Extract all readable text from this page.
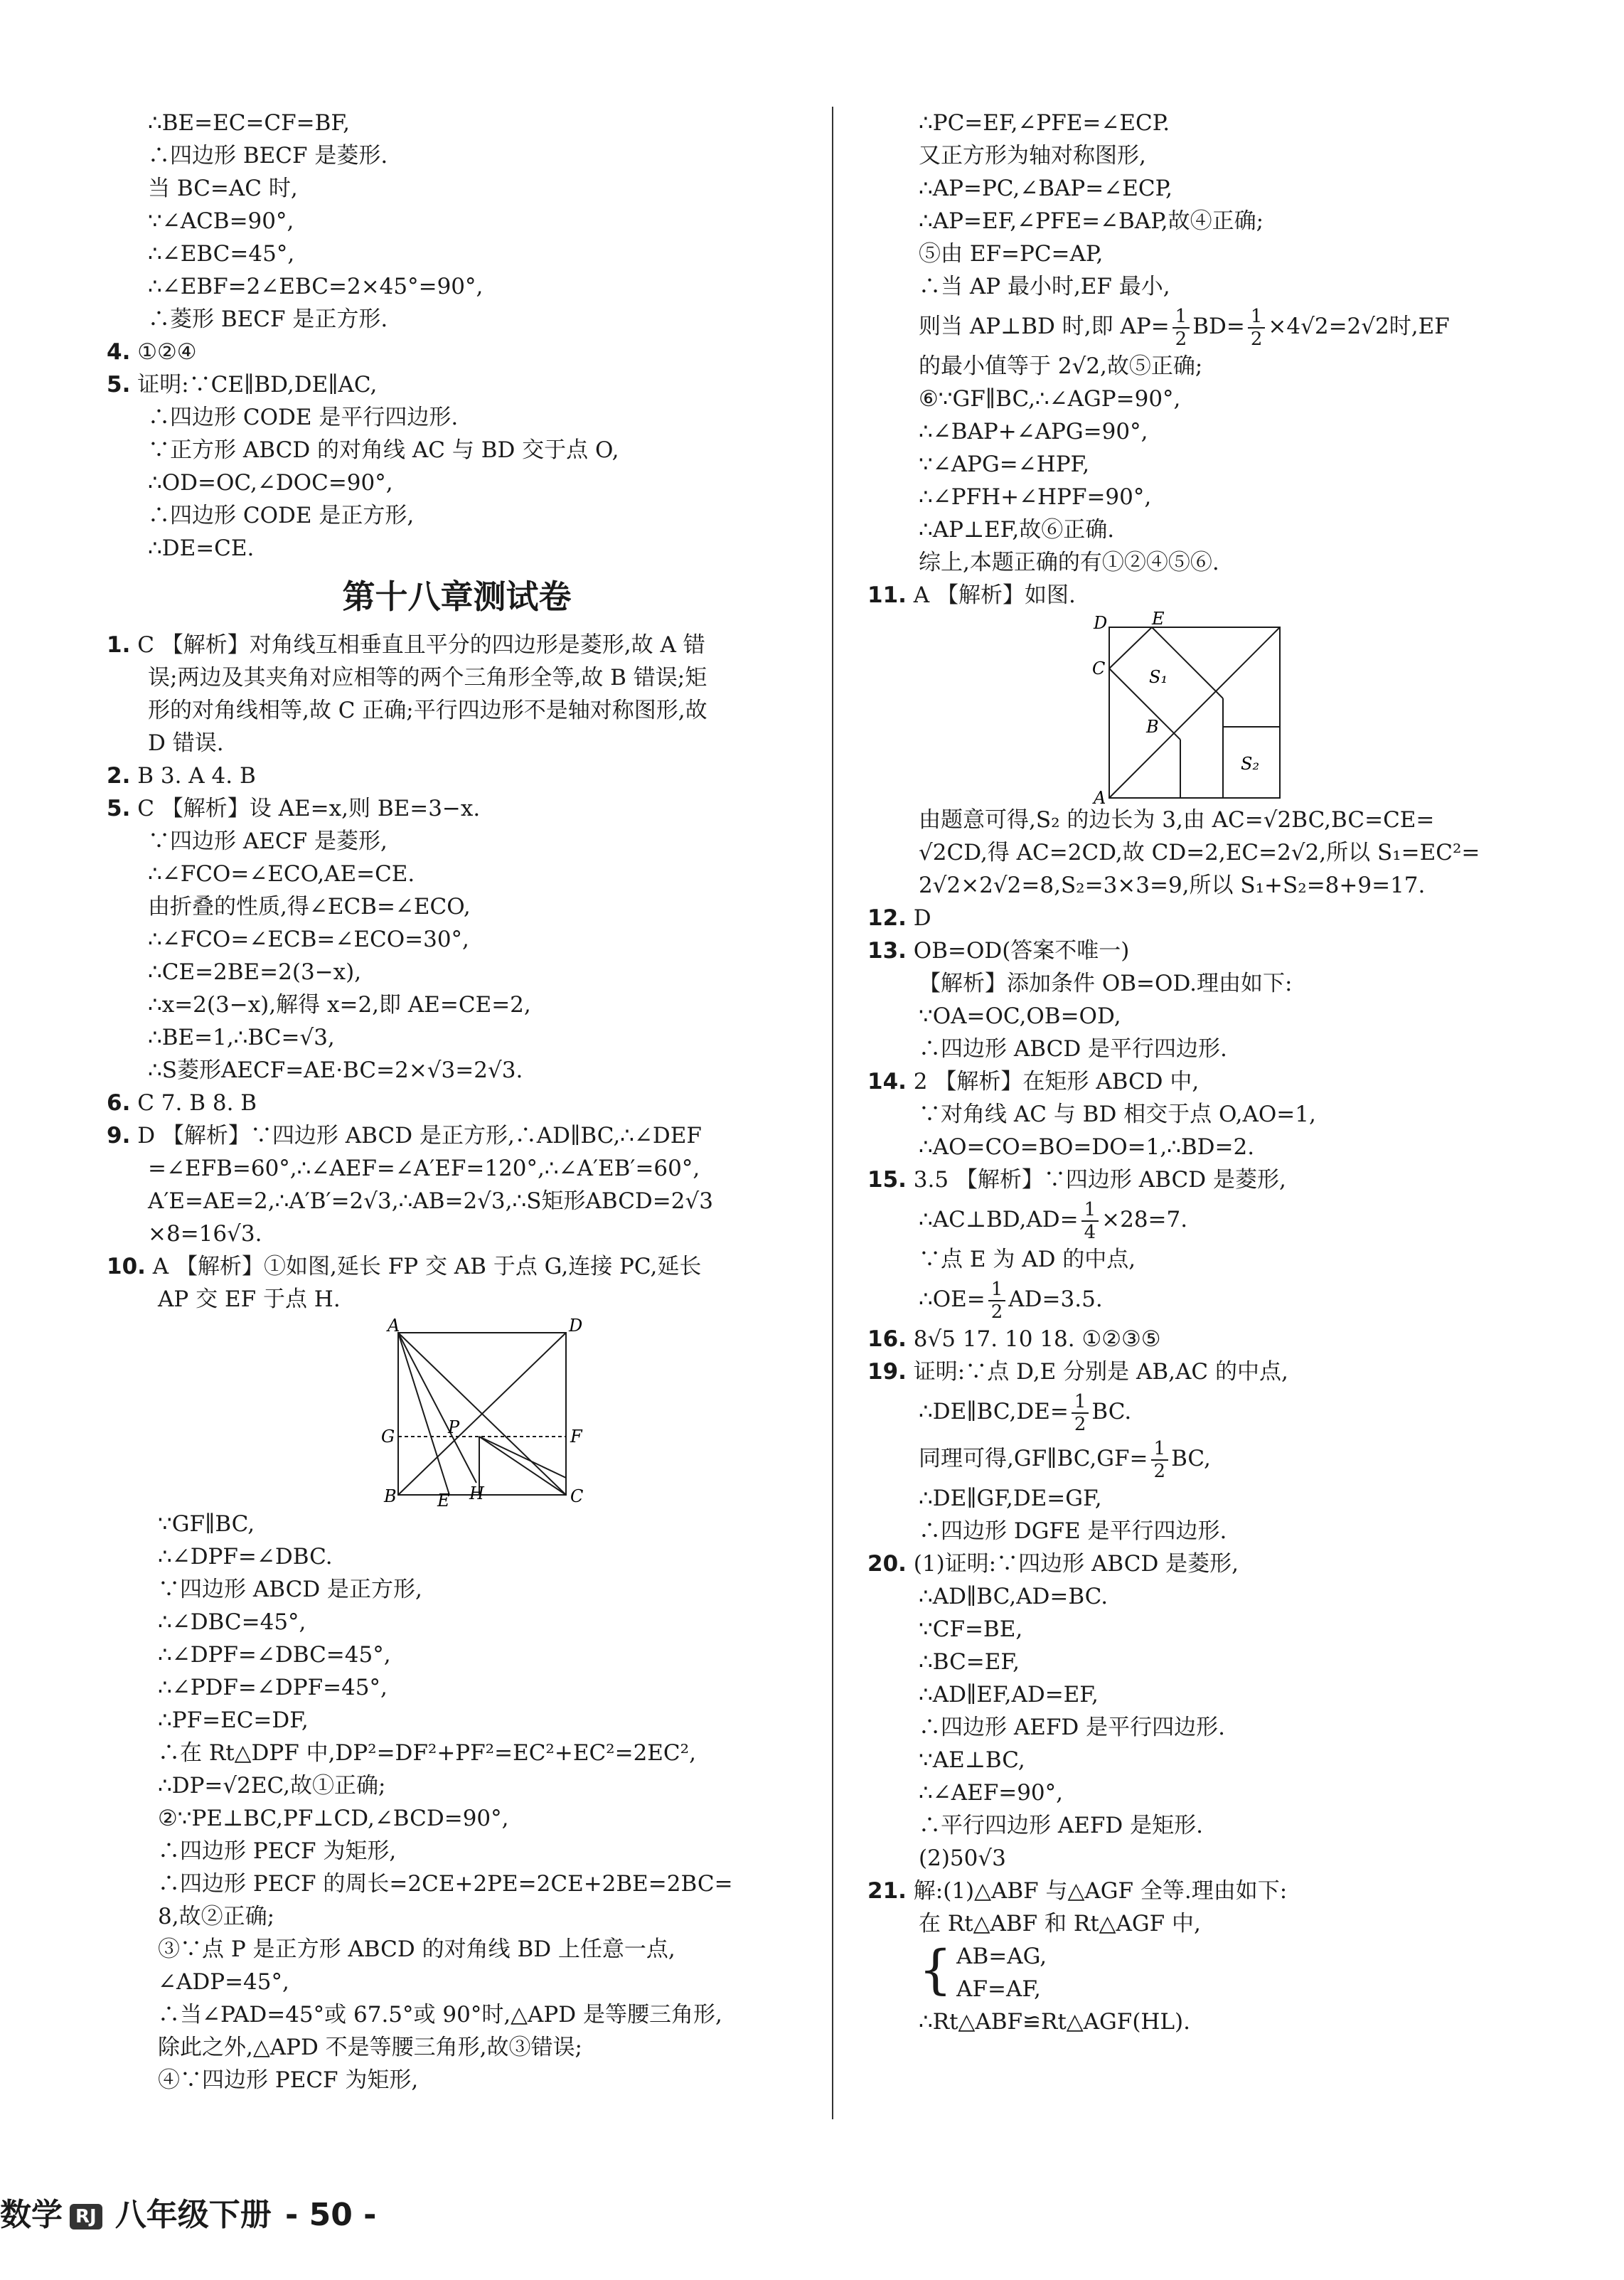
∴BE=EC=CF=BF,
∴四边形 BECF 是菱形.
当 BC=AC 时,
∵∠ACB=90°,
∴∠EBC=45°,
∴∠EBF=2∠EBC=2×45°=90°,
∴菱形 BECF 是正方形.
4. ①②④
5. 证明:∵CE∥BD,DE∥AC,
∴四边形 CODE 是平行四边形.
∵正方形 ABCD 的对角线 AC 与 BD 交于点 O,
∴OD=OC,∠DOC=90°,
∴四边形 CODE 是正方形,
∴DE=CE.
第十八章测试卷
1. C 【解析】对角线互相垂直且平分的四边形是菱形,故 A 错
误;两边及其夹角对应相等的两个三角形全等,故 B 错误;矩
形的对角线相等,故 C 正确;平行四边形不是轴对称图形,故
D 错误.
2. B 3. A 4. B
5. C 【解析】设 AE=x,则 BE=3−x.
∵四边形 AECF 是菱形,
∴∠FCO=∠ECO,AE=CE.
由折叠的性质,得∠ECB=∠ECO,
∴∠FCO=∠ECB=∠ECO=30°,
∴CE=2BE=2(3−x),
∴x=2(3−x),解得 x=2,即 AE=CE=2,
∴BE=1,∴BC=√3,
∴S菱形AECF=AE·BC=2×√3=2√3.
6. C 7. B 8. B
9. D 【解析】∵四边形 ABCD 是正方形,∴AD∥BC,∴∠DEF
=∠EFB=60°,∴∠AEF=∠A′EF=120°,∴∠A′EB′=60°,
A′E=AE=2,∴A′B′=2√3,∴AB=2√3,∴S矩形ABCD=2√3
×8=16√3.
10. A 【解析】①如图,延长 FP 交 AB 于点 G,连接 PC,延长
AP 交 EF 于点 H.
A	D
G	P	F
B E H	C
∵GF∥BC,
∴∠DPF=∠DBC.
∵四边形 ABCD 是正方形,
∴∠DBC=45°,
∴∠DPF=∠DBC=45°,
∴∠PDF=∠DPF=45°,
∴PF=EC=DF,
∴在 Rt△DPF 中,DP²=DF²+PF²=EC²+EC²=2EC²,
∴DP=√2EC,故①正确;
②∵PE⊥BC,PF⊥CD,∠BCD=90°,
∴四边形 PECF 为矩形,
∴四边形 PECF 的周长=2CE+2PE=2CE+2BE=2BC=
8,故②正确;
③∵点 P 是正方形 ABCD 的对角线 BD 上任意一点,
∠ADP=45°,
∴当∠PAD=45°或 67.5°或 90°时,△APD 是等腰三角形,
除此之外,△APD 不是等腰三角形,故③错误;
④∵四边形 PECF 为矩形,
∴PC=EF,∠PFE=∠ECP.
又正方形为轴对称图形,
∴AP=PC,∠BAP=∠ECP,
∴AP=EF,∠PFE=∠BAP,故④正确;
⑤由 EF=PC=AP,
∴当 AP 最小时,EF 最小,
则当 AP⊥BD 时,即 $AP= \frac{1}{2} BD= \frac{1}{2} \times 4√2=2√2$时,EF
的最小值等于 2√2,故⑤正确;
⑥∵GF∥BC,∴∠AGP=90°,
∴∠BAP+∠APG=90°,
∵∠APG=∠HPF,
∴∠PFH+∠HPF=90°,
∴AP⊥EF,故⑥正确.
综上,本题正确的有①②④⑤⑥.
11. A 【解析】如图.
D	E
C	S₁
B
S₂
A
由题意可得,S₂ 的边长为 3,由 AC=√2BC,BC=CE=
√2CD,得 AC=2CD,故 CD=2,EC=2√2,所以 S₁=EC²=
2√2×2√2=8,S₂=3×3=9,所以 S₁+S₂=8+9=17.
12. D
13. OB=OD(答案不唯一)
【解析】添加条件 OB=OD.理由如下:
∵OA=OC,OB=OD,
∴四边形 ABCD 是平行四边形.
14. 2 【解析】在矩形 ABCD 中,
∵对角线 AC 与 BD 相交于点 O,AO=1,
∴AO=CO=BO=DO=1,∴BD=2.
15. 3.5 【解析】∵四边形 ABCD 是菱形,
∴AC⊥BD,AD= $\frac{1}{4} \times 28=7$.
∵点 E 为 AD 的中点,
∴OE= $\frac{1}{2} AD=3.5$.
16. 8√5 17. 10 18. ①②③⑤
19. 证明:∵点 D,E 分别是 AB,AC 的中点,
∴DE∥BC,DE= $\frac{1}{2}$ BC.
同理可得,GF∥BC,GF= $\frac{1}{2}$ BC,
∴DE∥GF,DE=GF,
∴四边形 DGFE 是平行四边形.
20. (1)证明:∵四边形 ABCD 是菱形,
∴AD∥BC,AD=BC.
∵CF=BE,
∴BC=EF,
∴AD∥EF,AD=EF,
∴四边形 AEFD 是平行四边形.
∵AE⊥BC,
∴∠AEF=90°,
∴平行四边形 AEFD 是矩形.
(2)50√3
21. 解:(1)△ABF 与△AGF 全等.理由如下:
在 Rt△ABF 和 Rt△AGF 中,
{ AB=AG,
AF=AF,
∴Rt△ABF≌Rt△AGF(HL).
数学 RJ 八年级下册 - 50 -
